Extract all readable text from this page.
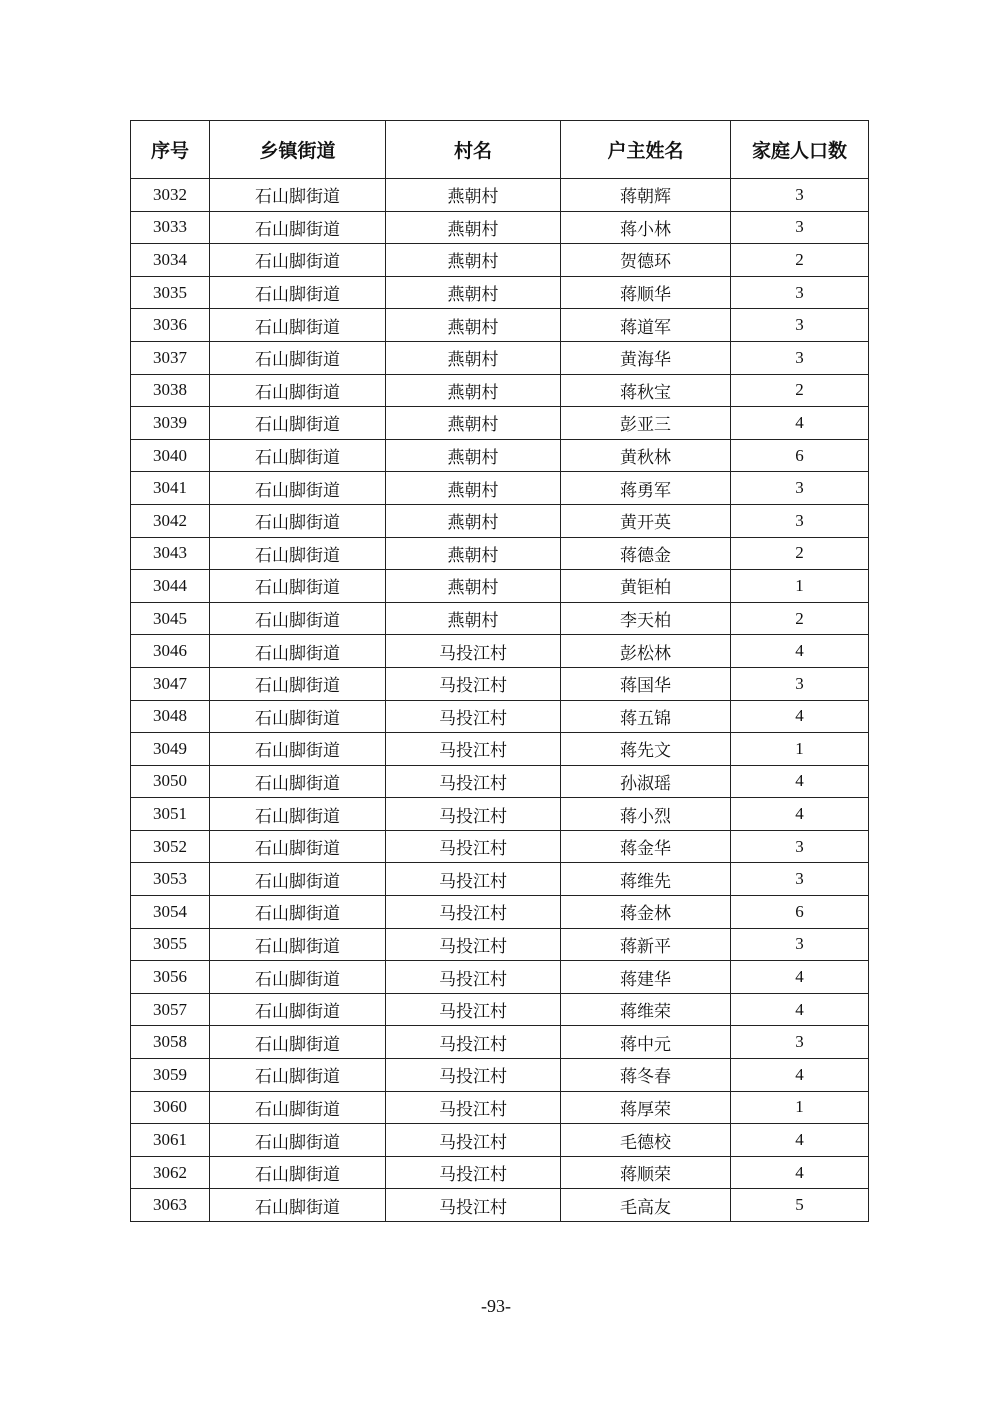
序号	乡镇街道	村名	户主姓名	家庭人口数
3032	石山脚街道	燕朝村	蒋朝辉	3
3033	石山脚街道	燕朝村	蒋小林	3
3034	石山脚街道	燕朝村	贺德环	2
3035	石山脚街道	燕朝村	蒋顺华	3
3036	石山脚街道	燕朝村	蒋道军	3
3037	石山脚街道	燕朝村	黄海华	3
3038	石山脚街道	燕朝村	蒋秋宝	2
3039	石山脚街道	燕朝村	彭亚三	4
3040	石山脚街道	燕朝村	黄秋林	6
3041	石山脚街道	燕朝村	蒋勇军	3
3042	石山脚街道	燕朝村	黄开英	3
3043	石山脚街道	燕朝村	蒋德金	2
3044	石山脚街道	燕朝村	黄钜柏	1
3045	石山脚街道	燕朝村	李天柏	2
3046	石山脚街道	马投江村	彭松林	4
3047	石山脚街道	马投江村	蒋国华	3
3048	石山脚街道	马投江村	蒋五锦	4
3049	石山脚街道	马投江村	蒋先文	1
3050	石山脚街道	马投江村	孙淑瑶	4
3051	石山脚街道	马投江村	蒋小烈	4
3052	石山脚街道	马投江村	蒋金华	3
3053	石山脚街道	马投江村	蒋维先	3
3054	石山脚街道	马投江村	蒋金林	6
3055	石山脚街道	马投江村	蒋新平	3
3056	石山脚街道	马投江村	蒋建华	4
3057	石山脚街道	马投江村	蒋维荣	4
3058	石山脚街道	马投江村	蒋中元	3
3059	石山脚街道	马投江村	蒋冬春	4
3060	石山脚街道	马投江村	蒋厚荣	1
3061	石山脚街道	马投江村	毛德校	4
3062	石山脚街道	马投江村	蒋顺荣	4
3063	石山脚街道	马投江村	毛高友	5
-93-
